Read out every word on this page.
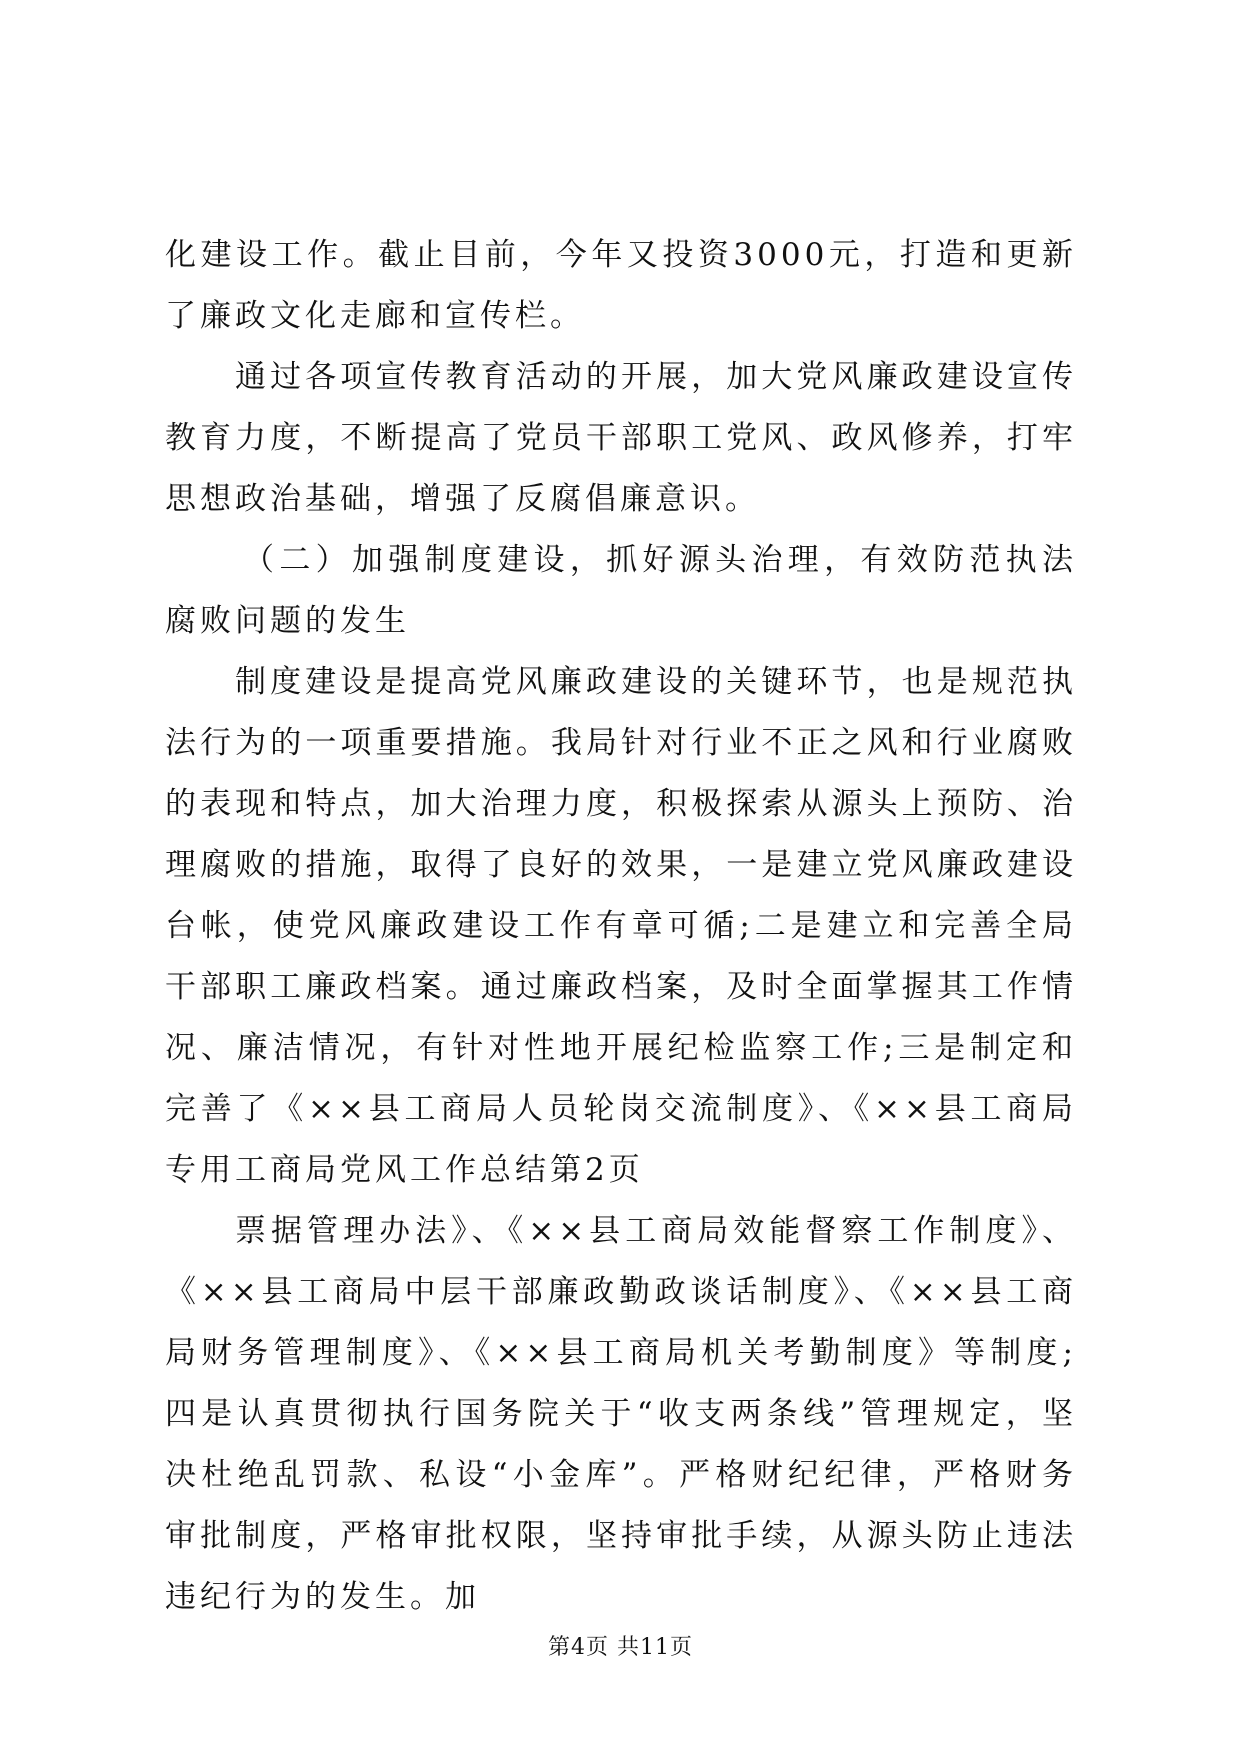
化建设工作。截止目前，今年又投资3000元，打造和更新了廉政文化走廊和宣传栏。

通过各项宣传教育活动的开展，加大党风廉政建设宣传教育力度，不断提高了党员干部职工党风、政风修养，打牢思想政治基础，增强了反腐倡廉意识。

（二）加强制度建设，抓好源头治理，有效防范执法腐败问题的发生

制度建设是提高党风廉政建设的关键环节，也是规范执法行为的一项重要措施。我局针对行业不正之风和行业腐败的表现和特点，加大治理力度，积极探索从源头上预防、治理腐败的措施，取得了良好的效果，一是建立党风廉政建设台帐，使党风廉政建设工作有章可循;二是建立和完善全局干部职工廉政档案。通过廉政档案，及时全面掌握其工作情况、廉洁情况，有针对性地开展纪检监察工作;三是制定和完善了《××县工商局人员轮岗交流制度》、《××县工商局专用工商局党风工作总结第2页

票据管理办法》、《××县工商局效能督察工作制度》、《××县工商局中层干部廉政勤政谈话制度》、《××县工商局财务管理制度》、《××县工商局机关考勤制度》等制度;四是认真贯彻执行国务院关于“收支两条线”管理规定，坚决杜绝乱罚款、私设“小金库”。严格财纪纪律，严格财务审批制度，严格审批权限，坚持审批手续，从源头防止违法违纪行为的发生。加

第4页 共11页
